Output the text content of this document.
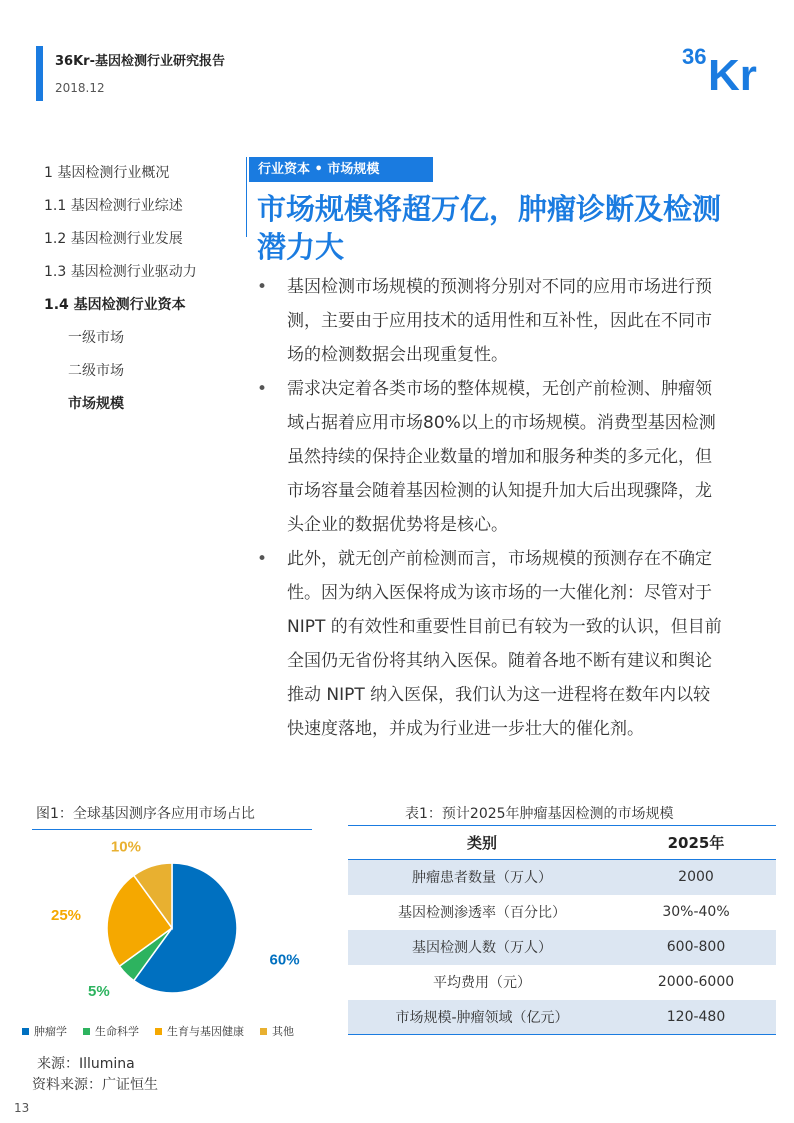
36Kr-基因检测行业研究报告
2018.12
36 Kr
1 基因检测行业概况
1.1 基因检测行业综述
1.2 基因检测行业发展
1.3 基因检测行业驱动力
1.4 基因检测行业资本
一级市场
二级市场
市场规模
行业资本 • 市场规模
市场规模将超万亿，肿瘤诊断及检测潜力大
• 基因检测市场规模的预测将分别对不同的应用市场进行预测，主要由于应用技术的适用性和互补性，因此在不同市场的检测数据会出现重复性。
• 需求决定着各类市场的整体规模，无创产前检测、肿瘤领域占据着应用市场80%以上的市场规模。消费型基因检测虽然持续的保持企业数量的增加和服务种类的多元化，但市场容量会随着基因检测的认知提升加大后出现骤降，龙头企业的数据优势将是核心。
• 此外，就无创产前检测而言，市场规模的预测存在不确定性。因为纳入医保将成为该市场的一大催化剂：尽管对于 NIPT 的有效性和重要性目前已有较为一致的认识，但目前全国仍无省份将其纳入医保。随着各地不断有建议和舆论推动 NIPT 纳入医保，我们认为这一进程将在数年内以较快速度落地，并成为行业进一步壮大的催化剂。
图1：全球基因测序各应用市场占比
60%
5%
25%
10%
肿瘤学	生命科学	生育与基因健康	其他
来源：Illumina
资料来源：广证恒生
表1：预计2025年肿瘤基因检测的市场规模
类别	2025年
肿瘤患者数量（万人）	2000
基因检测渗透率（百分比）	30%-40%
基因检测人数（万人）	600-800
平均费用（元）	2000-6000
市场规模-肿瘤领域（亿元）	120-480
13
